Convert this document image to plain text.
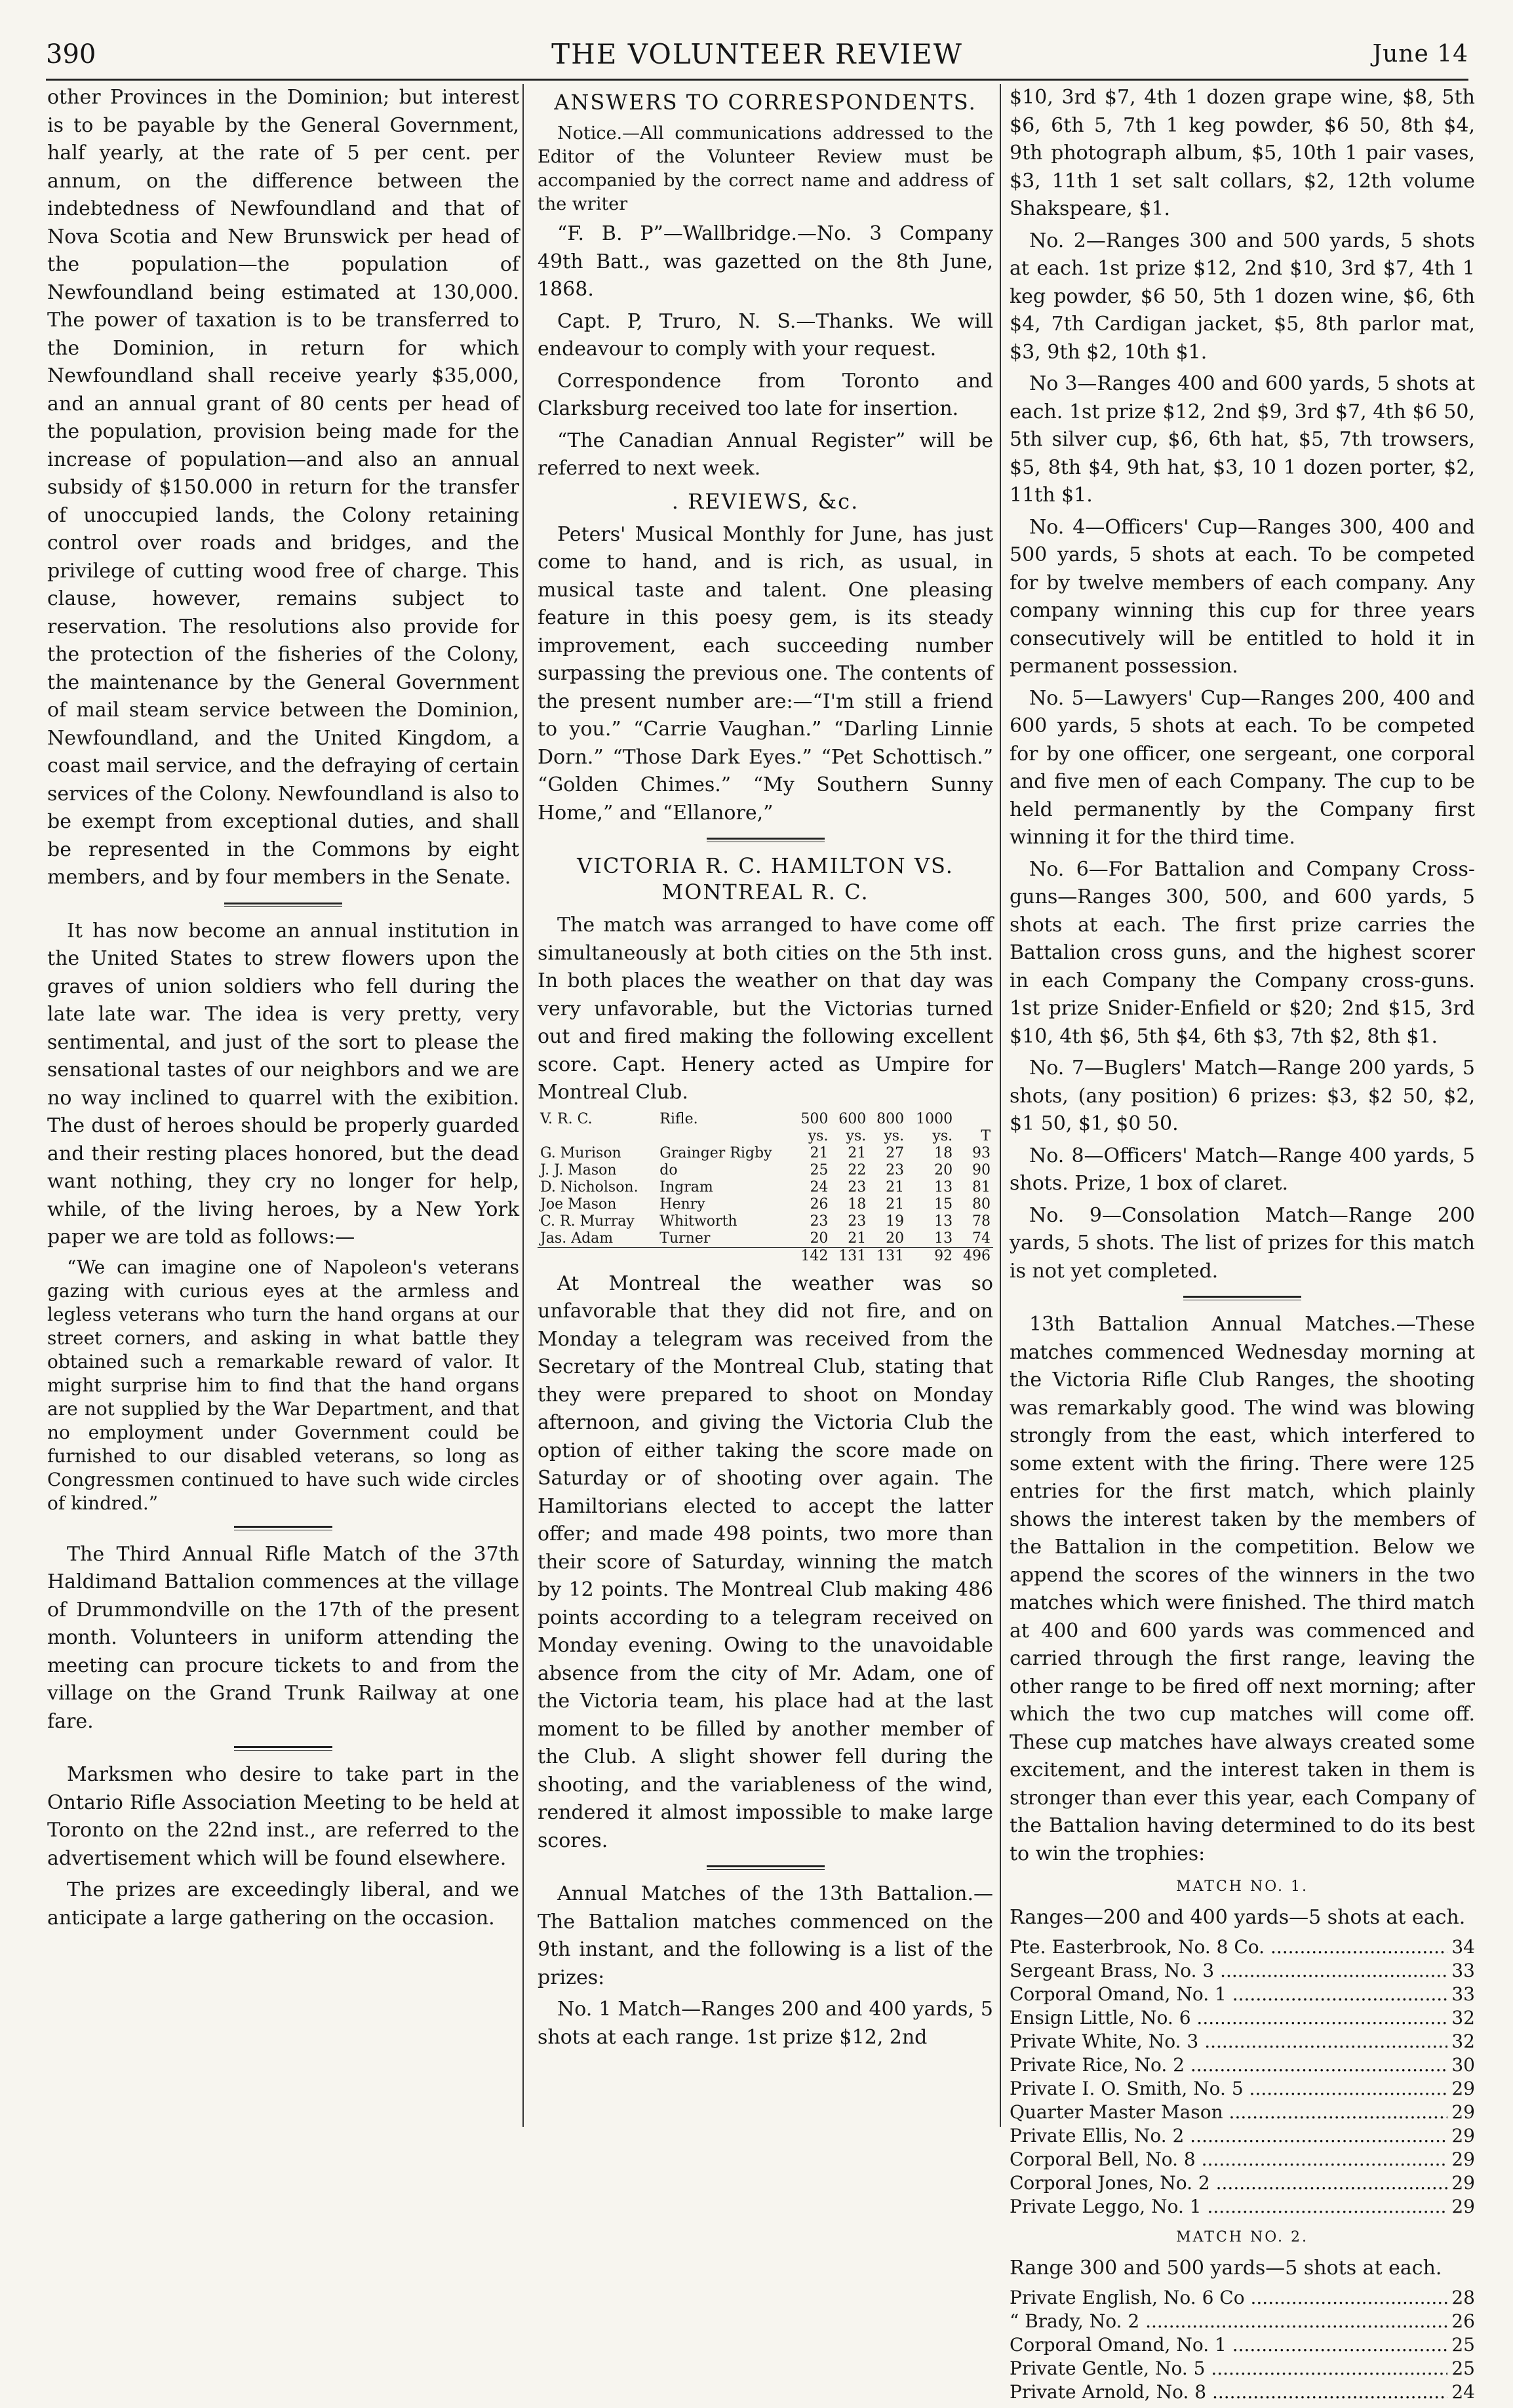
390	THE VOLUNTEER REVIEW	June 14

other Provinces in the Dominion; but interest is to be payable by the General Government, half yearly, at the rate of 5 per cent. per annum, on the difference between the indebtedness of Newfoundland and that of Nova Scotia and New Brunswick per head of the population—the population of Newfoundland being estimated at 130,000. The power of taxation is to be transferred to the Dominion, in return for which Newfoundland shall receive yearly $35,000, and an annual grant of 80 cents per head of the population, provision being made for the increase of population—and also an annual subsidy of $150.000 in return for the transfer of unoccupied lands, the Colony retaining control over roads and bridges, and the privilege of cutting wood free of charge. This clause, however, remains subject to reservation. The resolutions also provide for the protection of the fisheries of the Colony, the maintenance by the General Government of mail steam service between the Dominion, Newfoundland, and the United Kingdom, a coast mail service, and the defraying of certain services of the Colony. Newfoundland is also to be exempt from exceptional duties, and shall be represented in the Commons by eight members, and by four members in the Senate.

It has now become an annual institution in the United States to strew flowers upon the graves of union soldiers who fell during the late late war. The idea is very pretty, very sentimental, and just of the sort to please the sensational tastes of our neighbors and we are no way inclined to quarrel with the exibition. The dust of heroes should be properly guarded and their resting places honored, but the dead want nothing, they cry no longer for help, while, of the living heroes, by a New York paper we are told as follows:—

“We can imagine one of Napoleon's veterans gazing with curious eyes at the armless and legless veterans who turn the hand organs at our street corners, and asking in what battle they obtained such a remarkable reward of valor. It might surprise him to find that the hand organs are not supplied by the War Department, and that no employment under Government could be furnished to our disabled veterans, so long as Congressmen continued to have such wide circles of kindred.”

The Third Annual Rifle Match of the 37th Haldimand Battalion commences at the village of Drummondville on the 17th of the present month. Volunteers in uniform attending the meeting can procure tickets to and from the village on the Grand Trunk Railway at one fare.

Marksmen who desire to take part in the Ontario Rifle Association Meeting to be held at Toronto on the 22nd inst., are referred to the advertisement which will be found elsewhere.

The prizes are exceedingly liberal, and we anticipate a large gathering on the occasion.

ANSWERS TO CORRESPONDENTS.

Notice.—All communications addressed to the Editor of the Volunteer Review must be accompanied by the correct name and address of the writer

“F. B. P”—Wallbridge.—No. 3 Company 49th Batt., was gazetted on the 8th June, 1868.

Capt. P, Truro, N. S.—Thanks. We will endeavour to comply with your request.

Correspondence from Toronto and Clarksburg received too late for insertion.

“The Canadian Annual Register” will be referred to next week.

. REVIEWS, &c.

Peters' Musical Monthly for June, has just come to hand, and is rich, as usual, in musical taste and talent. One pleasing feature in this poesy gem, is its steady improvement, each succeeding number surpassing the previous one. The contents of the present number are:—“I'm still a friend to you.” “Carrie Vaughan.” “Darling Linnie Dorn.” “Those Dark Eyes.” “Pet Schottisch.” “Golden Chimes.” “My Southern Sunny Home,” and “Ellanore,”

VICTORIA R. C. HAMILTON VS. MONTREAL R. C.

The match was arranged to have come off simultaneously at both cities on the 5th inst. In both places the weather on that day was very unfavorable, but the Victorias turned out and fired making the following excellent score. Capt. Henery acted as Umpire for Montreal Club.

V. R. C.	Rifle.	500	600	800	1000	
		ys.	ys.	ys.	ys.	T
G. Murison	Grainger Rigby	21	21	27	18	93
J. J. Mason	do	25	22	23	20	90
D. Nicholson.	Ingram	24	23	21	13	81
Joe Mason	Henry	26	18	21	15	80
C. R. Murray	Whitworth	23	23	19	13	78
Jas. Adam	Turner	20	21	20	13	74
		142	131	131	92	496

At Montreal the weather was so unfavorable that they did not fire, and on Monday a telegram was received from the Secretary of the Montreal Club, stating that they were prepared to shoot on Monday afternoon, and giving the Victoria Club the option of either taking the score made on Saturday or of shooting over again. The Hamiltorians elected to accept the latter offer; and made 498 points, two more than their score of Saturday, winning the match by 12 points. The Montreal Club making 486 points according to a telegram received on Monday evening. Owing to the unavoidable absence from the city of Mr. Adam, one of the Victoria team, his place had at the last moment to be filled by another member of the Club. A slight shower fell during the shooting, and the variableness of the wind, rendered it almost impossible to make large scores.

Annual Matches of the 13th Battalion.—The Battalion matches commenced on the 9th instant, and the following is a list of the prizes:

No. 1 Match—Ranges 200 and 400 yards, 5 shots at each range. 1st prize $12, 2nd

$10, 3rd $7, 4th 1 dozen grape wine, $8, 5th $6, 6th 5, 7th 1 keg powder, $6 50, 8th $4, 9th photograph album, $5, 10th 1 pair vases, $3, 11th 1 set salt collars, $2, 12th volume Shakspeare, $1.

No. 2—Ranges 300 and 500 yards, 5 shots at each. 1st prize $12, 2nd $10, 3rd $7, 4th 1 keg powder, $6 50, 5th 1 dozen wine, $6, 6th $4, 7th Cardigan jacket, $5, 8th parlor mat, $3, 9th $2, 10th $1.

No 3—Ranges 400 and 600 yards, 5 shots at each. 1st prize $12, 2nd $9, 3rd $7, 4th $6 50, 5th silver cup, $6, 6th hat, $5, 7th trowsers, $5, 8th $4, 9th hat, $3, 10 1 dozen porter, $2, 11th $1.

No. 4—Officers' Cup—Ranges 300, 400 and 500 yards, 5 shots at each. To be competed for by twelve members of each company. Any company winning this cup for three years consecutively will be entitled to hold it in permanent possession.

No. 5—Lawyers' Cup—Ranges 200, 400 and 600 yards, 5 shots at each. To be competed for by one officer, one sergeant, one corporal and five men of each Company. The cup to be held permanently by the Company first winning it for the third time.

No. 6—For Battalion and Company Cross-guns—Ranges 300, 500, and 600 yards, 5 shots at each. The first prize carries the Battalion cross guns, and the highest scorer in each Company the Company cross-guns. 1st prize Snider-Enfield or $20; 2nd $15, 3rd $10, 4th $6, 5th $4, 6th $3, 7th $2, 8th $1.

No. 7—Buglers' Match—Range 200 yards, 5 shots, (any position) 6 prizes: $3, $2 50, $2, $1 50, $1, $0 50.

No. 8—Officers' Match—Range 400 yards, 5 shots. Prize, 1 box of claret.

No. 9—Consolation Match—Range 200 yards, 5 shots. The list of prizes for this match is not yet completed.

13th Battalion Annual Matches.—These matches commenced Wednesday morning at the Victoria Rifle Club Ranges, the shooting was remarkably good. The wind was blowing strongly from the east, which interfered to some extent with the firing. There were 125 entries for the first match, which plainly shows the interest taken by the members of the Battalion in the competition. Below we append the scores of the winners in the two matches which were finished. The third match at 400 and 600 yards was commenced and carried through the first range, leaving the other range to be fired off next morning; after which the two cup matches will come off. These cup matches have always created some excitement, and the interest taken in them is stronger than ever this year, each Company of the Battalion having determined to do its best to win the trophies:

MATCH NO. 1.

Ranges—200 and 400 yards—5 shots at each.

Pte. Easterbrook, No. 8 Co. .....	34
Sergeant Brass, No. 3 .....	33
Corporal Omand, No. 1 .....	33
Ensign Little, No. 6 .....	32
Private White, No. 3 .....	32
Private Rice, No. 2 .....	30
Private I. O. Smith, No. 5 .....	29
Quarter Master Mason .....	29
Private Ellis, No. 2 .....	29
Corporal Bell, No. 8 .....	29
Corporal Jones, No. 2 .....	29
Private Leggo, No. 1 .....	29
MATCH NO. 2.

Range 300 and 500 yards—5 shots at each.

Private English, No. 6 Co .....	28
“ Brady, No. 2 .....	26
Corporal Omand, No. 1 .....	25
Private Gentle, No. 5 .....	25
Private Arnold, No. 8 .....	24
